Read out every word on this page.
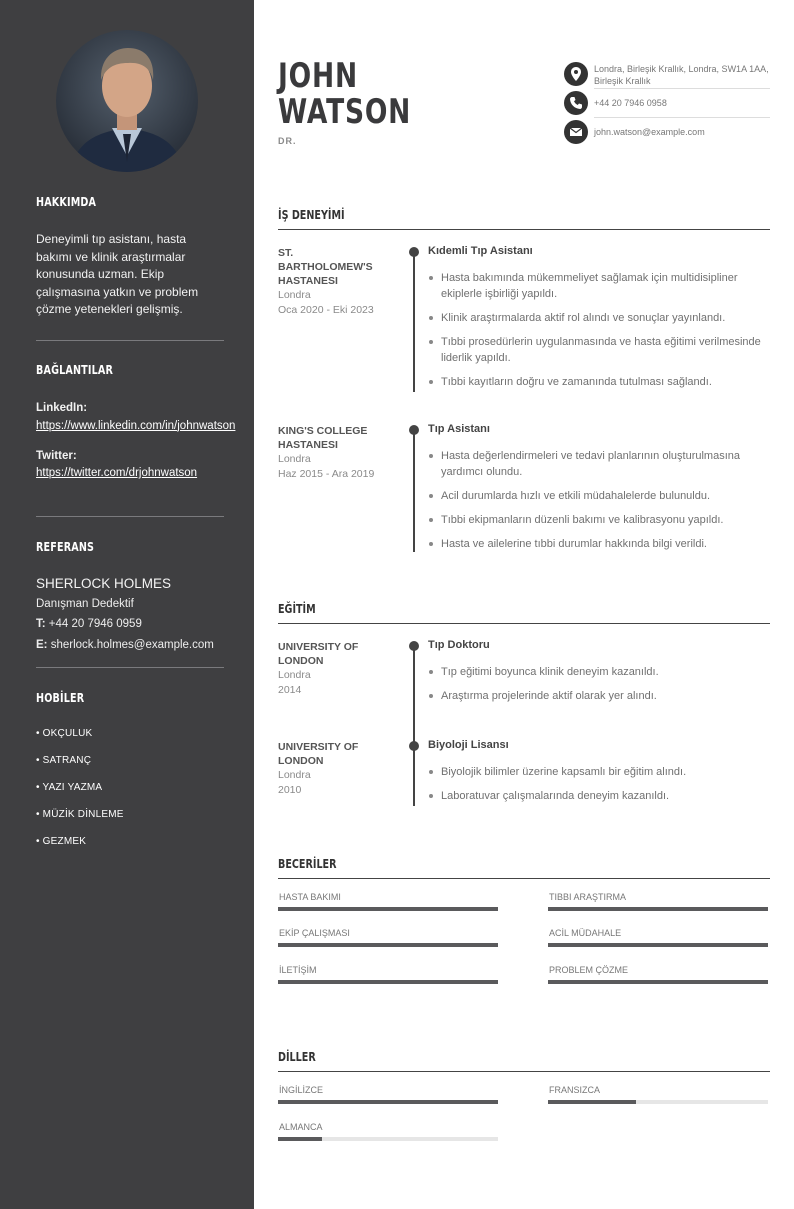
HAKKIMDA
Deneyimli tıp asistanı, hasta bakımı ve klinik araştırmalar konusunda uzman. Ekip çalışmasına yatkın ve problem çözme yetenekleri gelişmiş.
BAĞLANTILAR
LinkedIn:
https://www.linkedin.com/in/johnwatson
Twitter:
https://twitter.com/drjohnwatson
REFERANS
SHERLOCK HOLMES
Danışman Dedektif
T: +44 20 7946 0959
E: sherlock.holmes@example.com
HOBİLER
• OKÇULUK
• SATRANÇ
• YAZI YAZMA
• MÜZİK DİNLEME
• GEZMEK
JOHN
WATSON
DR.
Londra, Birleşik Krallık, Londra, SW1A 1AA, Birleşik Krallık
+44 20 7946 0958
john.watson@example.com
İŞ DENEYİMİ
ST. BARTHOLOMEW'S HASTANESI
Londra
Oca 2020 - Eki 2023
Kıdemli Tıp Asistanı
Hasta bakımında mükemmeliyet sağlamak için multidisipliner ekiplerle işbirliği yapıldı.
Klinik araştırmalarda aktif rol alındı ve sonuçlar yayınlandı.
Tıbbi prosedürlerin uygulanmasında ve hasta eğitimi verilmesinde liderlik yapıldı.
Tıbbi kayıtların doğru ve zamanında tutulması sağlandı.
KING'S COLLEGE HASTANESI
Londra
Haz 2015 - Ara 2019
Tıp Asistanı
Hasta değerlendirmeleri ve tedavi planlarının oluşturulmasına yardımcı olundu.
Acil durumlarda hızlı ve etkili müdahalelerde bulunuldu.
Tıbbi ekipmanların düzenli bakımı ve kalibrasyonu yapıldı.
Hasta ve ailelerine tıbbi durumlar hakkında bilgi verildi.
EĞİTİM
UNIVERSITY OF LONDON
Londra
2014
Tıp Doktoru
Tıp eğitimi boyunca klinik deneyim kazanıldı.
Araştırma projelerinde aktif olarak yer alındı.
UNIVERSITY OF LONDON
Londra
2010
Biyoloji Lisansı
Biyolojik bilimler üzerine kapsamlı bir eğitim alındı.
Laboratuvar çalışmalarında deneyim kazanıldı.
BECERİLER
HASTA BAKIMI	TIBBI ARAŞTIRMA
EKİP ÇALIŞMASI	ACİL MÜDAHALE
İLETİŞİM	PROBLEM ÇÖZME
DİLLER
İNGİLİZCE	FRANSIZCA
ALMANCA
